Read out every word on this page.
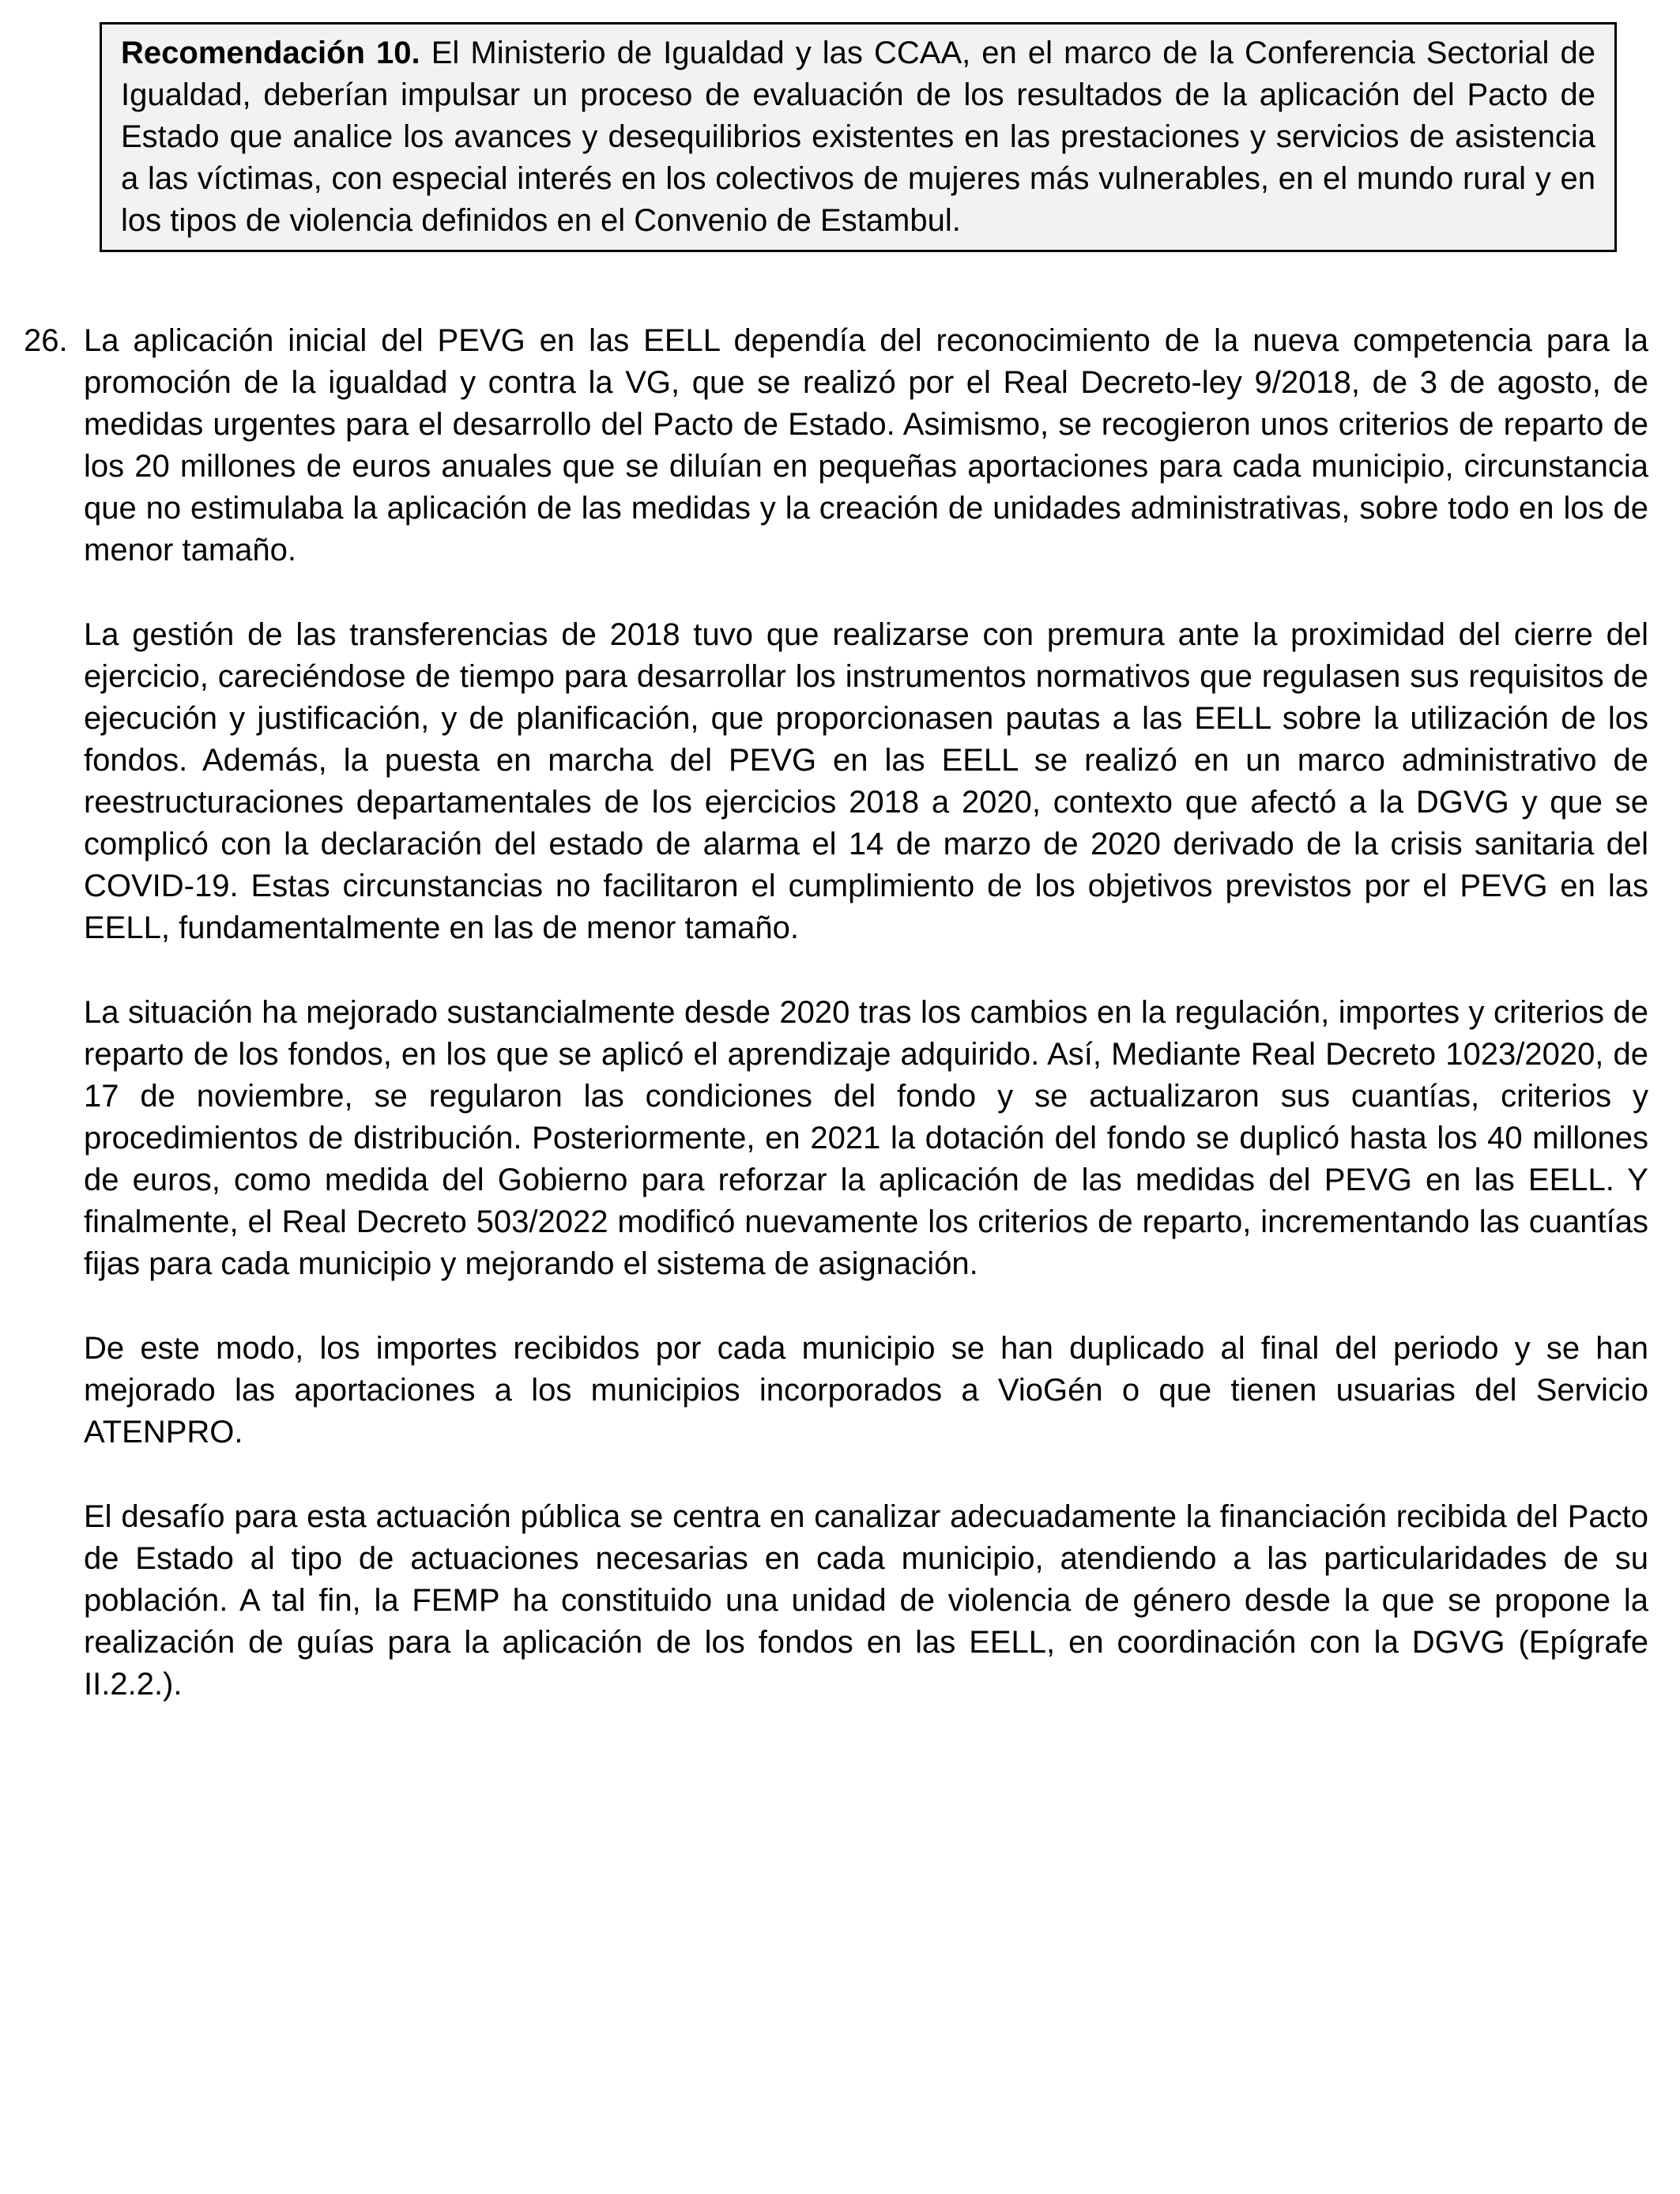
Recomendación 10. El Ministerio de Igualdad y las CCAA, en el marco de la Conferencia Sectorial de Igualdad, deberían impulsar un proceso de evaluación de los resultados de la aplicación del Pacto de Estado que analice los avances y desequilibrios existentes en las prestaciones y servicios de asistencia a las víctimas, con especial interés en los colectivos de mujeres más vulnerables, en el mundo rural y en los tipos de violencia definidos en el Convenio de Estambul.
26. La aplicación inicial del PEVG en las EELL dependía del reconocimiento de la nueva competencia para la promoción de la igualdad y contra la VG, que se realizó por el Real Decreto-ley 9/2018, de 3 de agosto, de medidas urgentes para el desarrollo del Pacto de Estado. Asimismo, se recogieron unos criterios de reparto de los 20 millones de euros anuales que se diluían en pequeñas aportaciones para cada municipio, circunstancia que no estimulaba la aplicación de las medidas y la creación de unidades administrativas, sobre todo en los de menor tamaño.

La gestión de las transferencias de 2018 tuvo que realizarse con premura ante la proximidad del cierre del ejercicio, careciéndose de tiempo para desarrollar los instrumentos normativos que regulasen sus requisitos de ejecución y justificación, y de planificación, que proporcionasen pautas a las EELL sobre la utilización de los fondos. Además, la puesta en marcha del PEVG en las EELL se realizó en un marco administrativo de reestructuraciones departamentales de los ejercicios 2018 a 2020, contexto que afectó a la DGVG y que se complicó con la declaración del estado de alarma el 14 de marzo de 2020 derivado de la crisis sanitaria del COVID-19. Estas circunstancias no facilitaron el cumplimiento de los objetivos previstos por el PEVG en las EELL, fundamentalmente en las de menor tamaño.

La situación ha mejorado sustancialmente desde 2020 tras los cambios en la regulación, importes y criterios de reparto de los fondos, en los que se aplicó el aprendizaje adquirido. Así, Mediante Real Decreto 1023/2020, de 17 de noviembre, se regularon las condiciones del fondo y se actualizaron sus cuantías, criterios y procedimientos de distribución. Posteriormente, en 2021 la dotación del fondo se duplicó hasta los 40 millones de euros, como medida del Gobierno para reforzar la aplicación de las medidas del PEVG en las EELL. Y finalmente, el Real Decreto 503/2022 modificó nuevamente los criterios de reparto, incrementando las cuantías fijas para cada municipio y mejorando el sistema de asignación.

De este modo, los importes recibidos por cada municipio se han duplicado al final del periodo y se han mejorado las aportaciones a los municipios incorporados a VioGén o que tienen usuarias del Servicio ATENPRO.

El desafío para esta actuación pública se centra en canalizar adecuadamente la financiación recibida del Pacto de Estado al tipo de actuaciones necesarias en cada municipio, atendiendo a las particularidades de su población. A tal fin, la FEMP ha constituido una unidad de violencia de género desde la que se propone la realización de guías para la aplicación de los fondos en las EELL, en coordinación con la DGVG (Epígrafe II.2.2.).
